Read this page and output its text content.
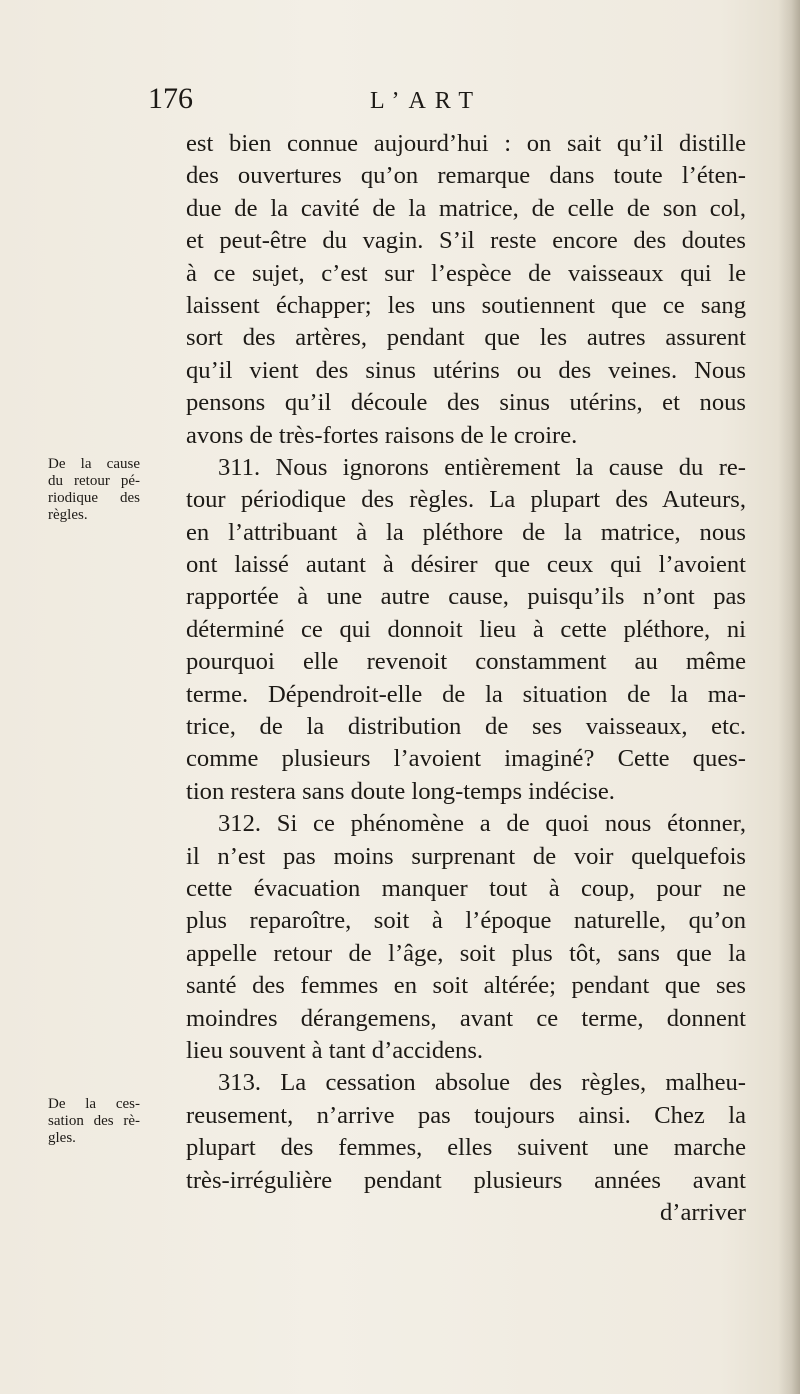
176	L’ART
est bien connue aujourd’hui : on sait qu’il distille
des ouvertures qu’on remarque dans toute l’éten-
due de la cavité de la matrice, de celle de son col,
et peut-être du vagin. S’il reste encore des doutes
à ce sujet, c’est sur l’espèce de vaisseaux qui le
laissent échapper; les uns soutiennent que ce sang
sort des artères, pendant que les autres assurent
qu’il vient des sinus utérins ou des veines. Nous
pensons qu’il découle des sinus utérins, et nous
avons de très-fortes raisons de le croire.
311. Nous ignorons entièrement la cause du re-
tour périodique des règles. La plupart des Auteurs,
en l’attribuant à la pléthore de la matrice, nous
ont laissé autant à désirer que ceux qui l’avoient
rapportée à une autre cause, puisqu’ils n’ont pas
déterminé ce qui donnoit lieu à cette pléthore, ni
pourquoi elle revenoit constamment au même
terme. Dépendroit-elle de la situation de la ma-
trice, de la distribution de ses vaisseaux, etc.
comme plusieurs l’avoient imaginé? Cette ques-
tion restera sans doute long-temps indécise.
312. Si ce phénomène a de quoi nous étonner,
il n’est pas moins surprenant de voir quelquefois
cette évacuation manquer tout à coup, pour ne
plus reparoître, soit à l’époque naturelle, qu’on
appelle retour de l’âge, soit plus tôt, sans que la
santé des femmes en soit altérée; pendant que ses
moindres dérangemens, avant ce terme, donnent
lieu souvent à tant d’accidens.
313. La cessation absolue des règles, malheu-
reusement, n’arrive pas toujours ainsi. Chez la
plupart des femmes, elles suivent une marche
très-irrégulière pendant plusieurs années avant
d’arriver
De la cause
du retour pé-
riodique des
règles.
De la ces-
sation des rè-
gles.
